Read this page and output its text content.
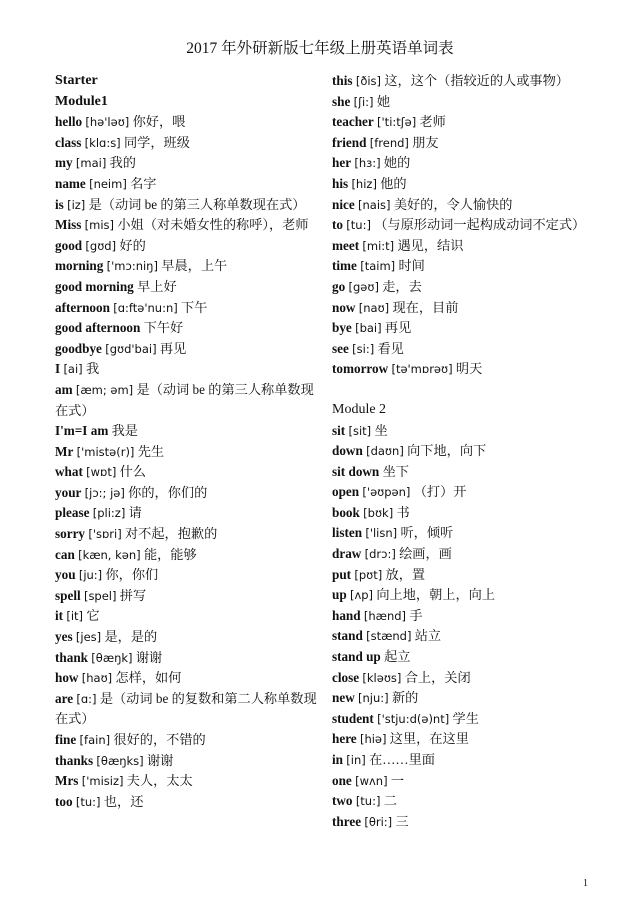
2017 年外研新版七年级上册英语单词表
Starter
Module1
hello [hə'ləʊ] 你好，喂
class [klɑ:s] 同学，班级
my [mai] 我的
name [neim] 名字
is [iz] 是（动词 be 的第三人称单数现在式）
Miss [mis] 小姐（对未婚女性的称呼），老师
good [gʊd] 好的
morning ['mɔ:niŋ] 早晨，上午
good morning 早上好
afternoon [ɑ:ftə'nu:n] 下午
good afternoon 下午好
goodbye [gʊd'bai] 再见
I [ai] 我
am [æm; əm] 是（动词 be 的第三人称单数现在式）
I'm=I am 我是
Mr ['mistə(r)] 先生
what [wɒt] 什么
your [jɔ:; jə] 你的，你们的
please [pli:z] 请
sorry ['sɒri] 对不起，抱歉的
can [kæn, kən] 能，能够
you [ju:] 你，你们
spell [spel] 拼写
it [it] 它
yes [jes] 是，是的
thank [θæŋk] 谢谢
how [haʊ] 怎样，如何
are [ɑ:] 是（动词 be 的复数和第二人称单数现在式）
fine [fain] 很好的，不错的
thanks [θæŋks] 谢谢
Mrs ['misiz] 夫人，太太
too [tu:] 也，还
this [ðis] 这，这个（指较近的人或事物）
she [ʃi:] 她
teacher ['ti:tʃə] 老师
friend [frend] 朋友
her [hɜ:] 她的
his [hiz] 他的
nice [nais] 美好的，令人愉快的
to [tu:] （与原形动词一起构成动词不定式）
meet [mi:t] 遇见，结识
time [taim] 时间
go [gəʊ] 走，去
now [naʊ] 现在，目前
bye [bai] 再见
see [si:] 看见
tomorrow [tə'mɒrəʊ] 明天
Module 2
sit [sit] 坐
down [daʊn] 向下地，向下
sit down 坐下
open ['əʊpən] （打）开
book [bʊk] 书
listen ['lisn] 听，倾听
draw [drɔ:] 绘画，画
put [pʊt] 放，置
up [ʌp] 向上地，朝上，向上
hand [hænd] 手
stand [stænd] 站立
stand up 起立
close [kləʊs] 合上，关闭
new [nju:] 新的
student ['stju:d(ə)nt] 学生
here [hiə] 这里，在这里
in [in] 在……里面
one [wʌn] 一
two [tu:] 二
three [θri:] 三
1
